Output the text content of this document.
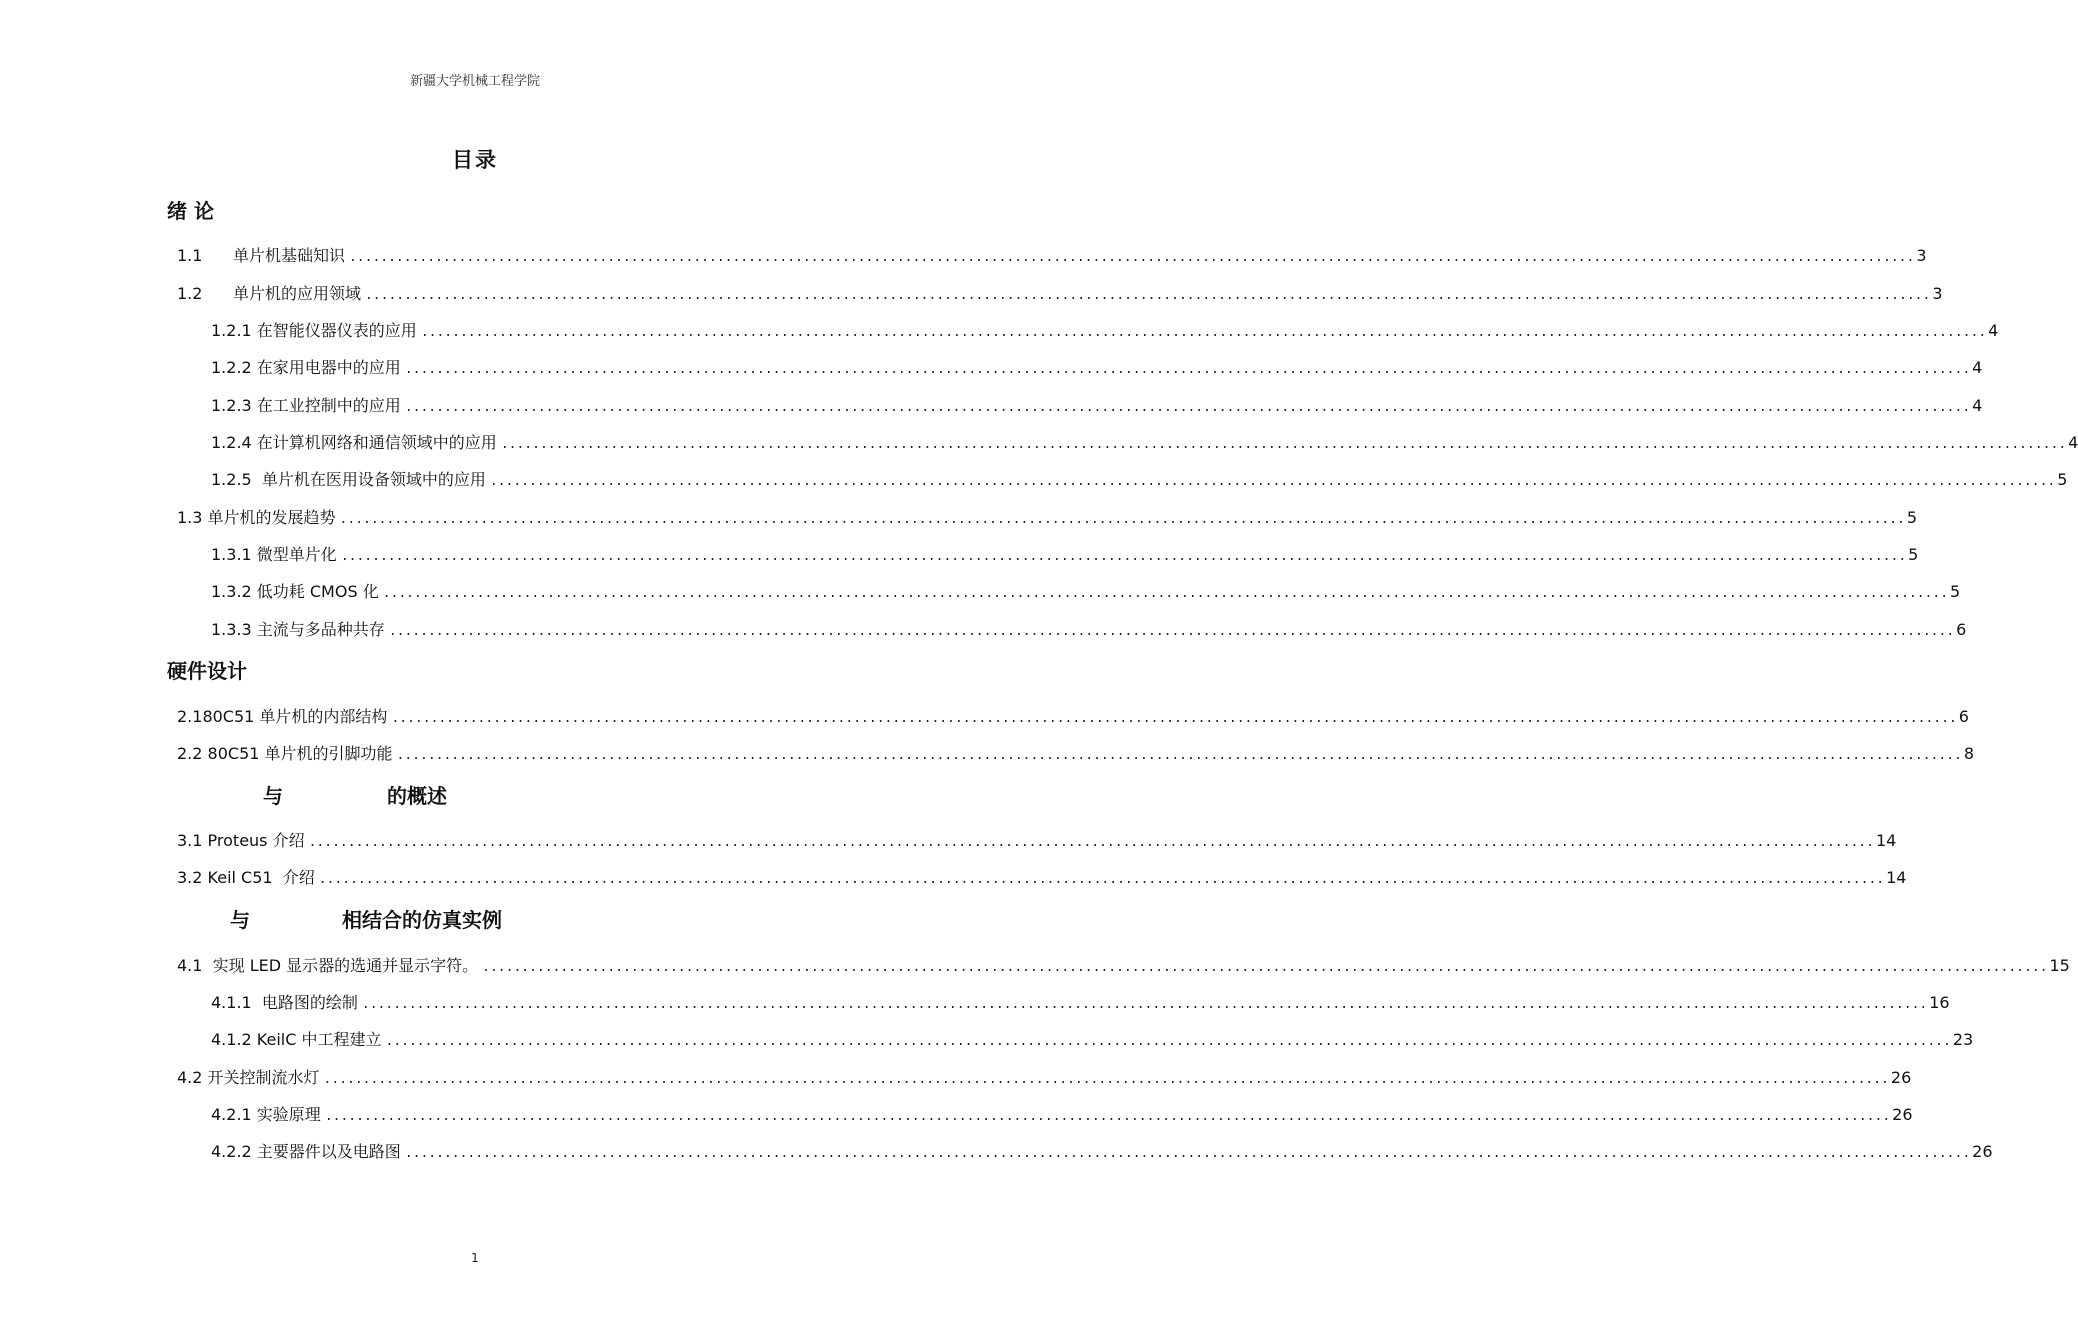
新疆大学机械工程学院
目录
绪 论
1.1      单片机基础知识 ........................................................................................................................................................................................................ 3
1.2      单片机的应用领域 ........................................................................................................................................................................................................ 3
1.2.1 在智能仪器仪表的应用 ........................................................................................................................................................................................................ 4
1.2.2 在家用电器中的应用 ........................................................................................................................................................................................................ 4
1.2.3 在工业控制中的应用 ........................................................................................................................................................................................................ 4
1.2.4 在计算机网络和通信领域中的应用 ........................................................................................................................................................................................................ 4
1.2.5  单片机在医用设备领域中的应用 ........................................................................................................................................................................................................ 5
1.3 单片机的发展趋势 ........................................................................................................................................................................................................ 5
1.3.1 微型单片化 ........................................................................................................................................................................................................ 5
1.3.2 低功耗 CMOS 化 ........................................................................................................................................................................................................ 5
1.3.3 主流与多品种共存 ........................................................................................................................................................................................................ 6
硬件设计
2.180C51 单片机的内部结构 ........................................................................................................................................................................................................ 6
2.2 80C51 单片机的引脚功能 ........................................................................................................................................................................................................ 8
与	的概述
3.1 Proteus 介绍 ........................................................................................................................................................................................................ 14
3.2 Keil C51  介绍 ........................................................................................................................................................................................................ 14
与	相结合的仿真实例
4.1  实现 LED 显示器的选通并显示字符。 ........................................................................................................................................................................................................ 15
4.1.1  电路图的绘制 ........................................................................................................................................................................................................ 16
4.1.2 KeilC 中工程建立 ........................................................................................................................................................................................................ 23
4.2 开关控制流水灯 ........................................................................................................................................................................................................ 26
4.2.1 实验原理 ........................................................................................................................................................................................................ 26
4.2.2 主要器件以及电路图 ........................................................................................................................................................................................................ 26
1
